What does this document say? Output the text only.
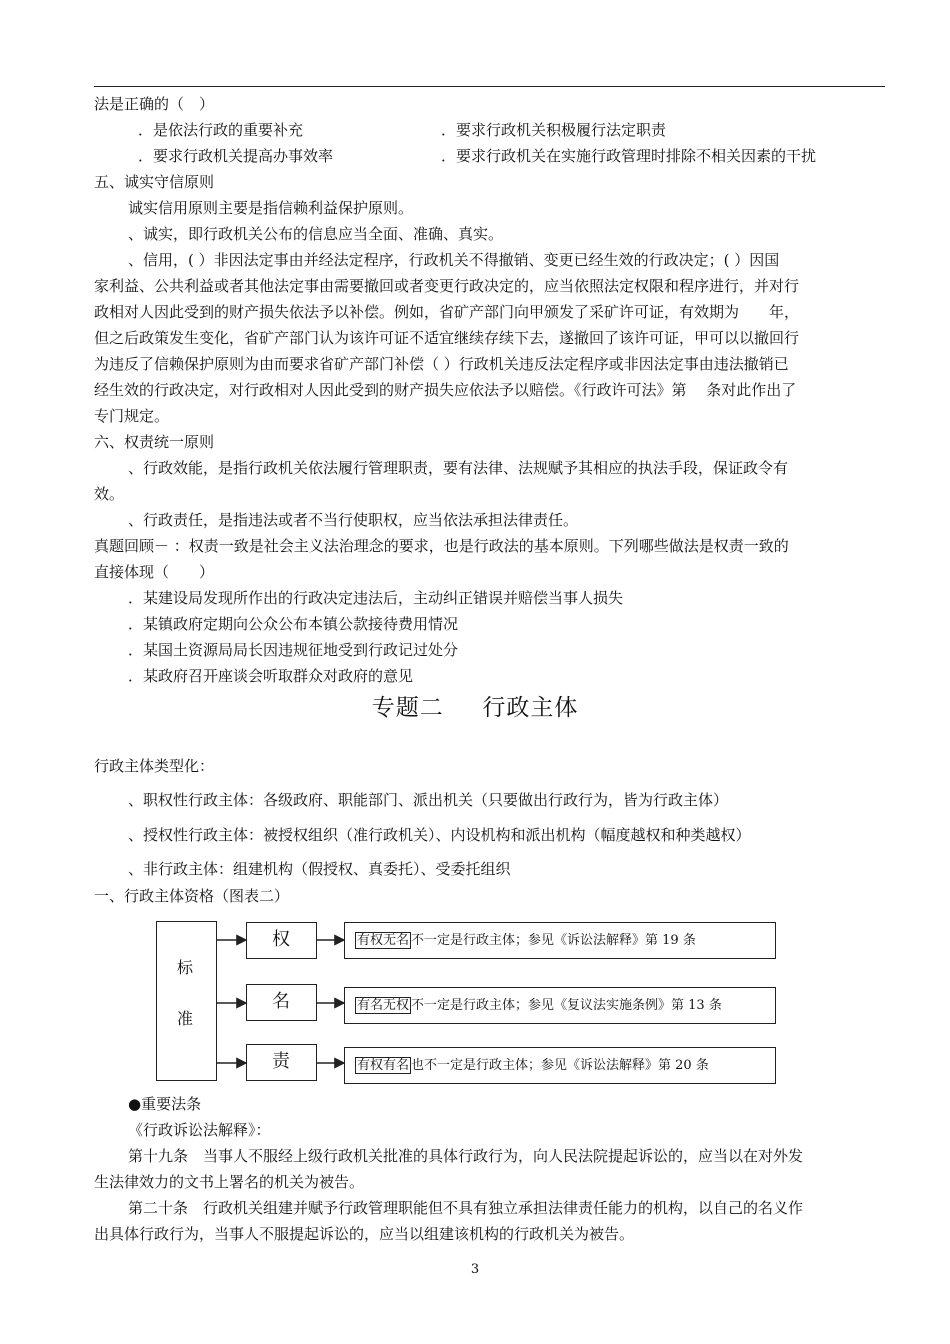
法是正确的（　）
．是依法行政的重要补充	．要求行政机关积极履行法定职责
．要求行政机关提高办事效率	．要求行政机关在实施行政管理时排除不相关因素的干扰
五、诚实守信原则
诚实信用原则主要是指信赖利益保护原则。
、诚实，即行政机关公布的信息应当全面、准确、真实。
、信用，( ）非因法定事由并经法定程序，行政机关不得撤销、变更已经生效的行政决定；( ）因国
家利益、公共利益或者其他法定事由需要撤回或者变更行政决定的，应当依照法定权限和程序进行，并对行
政相对人因此受到的财产损失依法予以补偿。例如，省矿产部门向甲颁发了采矿许可证，有效期为　　年，
但之后政策发生变化，省矿产部门认为该许可证不适宜继续存续下去，遂撤回了该许可证，甲可以以撤回行
为违反了信赖保护原则为由而要求省矿产部门补偿（ ）行政机关违反法定程序或非因法定事由违法撤销已
经生效的行政决定，对行政相对人因此受到的财产损失应依法予以赔偿。《行政许可法》第　 条对此作出了
专门规定。
六、权责统一原则
、行政效能，是指行政机关依法履行管理职责，要有法律、法规赋予其相应的执法手段，保证政令有
效。
、行政责任，是指违法或者不当行使职权，应当依法承担法律责任。
真题回顾－ ：权责一致是社会主义法治理念的要求，也是行政法的基本原则。下列哪些做法是权责一致的
直接体现（　　）
．某建设局发现所作出的行政决定违法后，主动纠正错误并赔偿当事人损失
．某镇政府定期向公众公布本镇公款接待费用情况
．某国土资源局局长因违规征地受到行政记过处分
．某政府召开座谈会听取群众对政府的意见
专题二 行政主体
行政主体类型化：
、职权性行政主体：各级政府、职能部门、派出机关（只要做出行政行为，皆为行政主体）
、授权性行政主体：被授权组织（准行政机关）、内设机构和派出机构（幅度越权和种类越权）
、非行政主体：组建机构（假授权、真委托）、受委托组织
一、行政主体资格（图表二）
标
准
权
名
责
有权无名 不一定是行政主体；参见《诉讼法解释》第 19 条
有名无权 不一定是行政主体；参见《复议法实施条例》第 13 条
有权有名 也不一定是行政主体；参见《诉讼法解释》第 20 条
●重要法条
《行政诉讼法解释》：
第十九条　当事人不服经上级行政机关批准的具体行政行为，向人民法院提起诉讼的，应当以在对外发
生法律效力的文书上署名的机关为被告。
第二十条　行政机关组建并赋予行政管理职能但不具有独立承担法律责任能力的机构，以自己的名义作
出具体行政行为，当事人不服提起诉讼的，应当以组建该机构的行政机关为被告。
3
